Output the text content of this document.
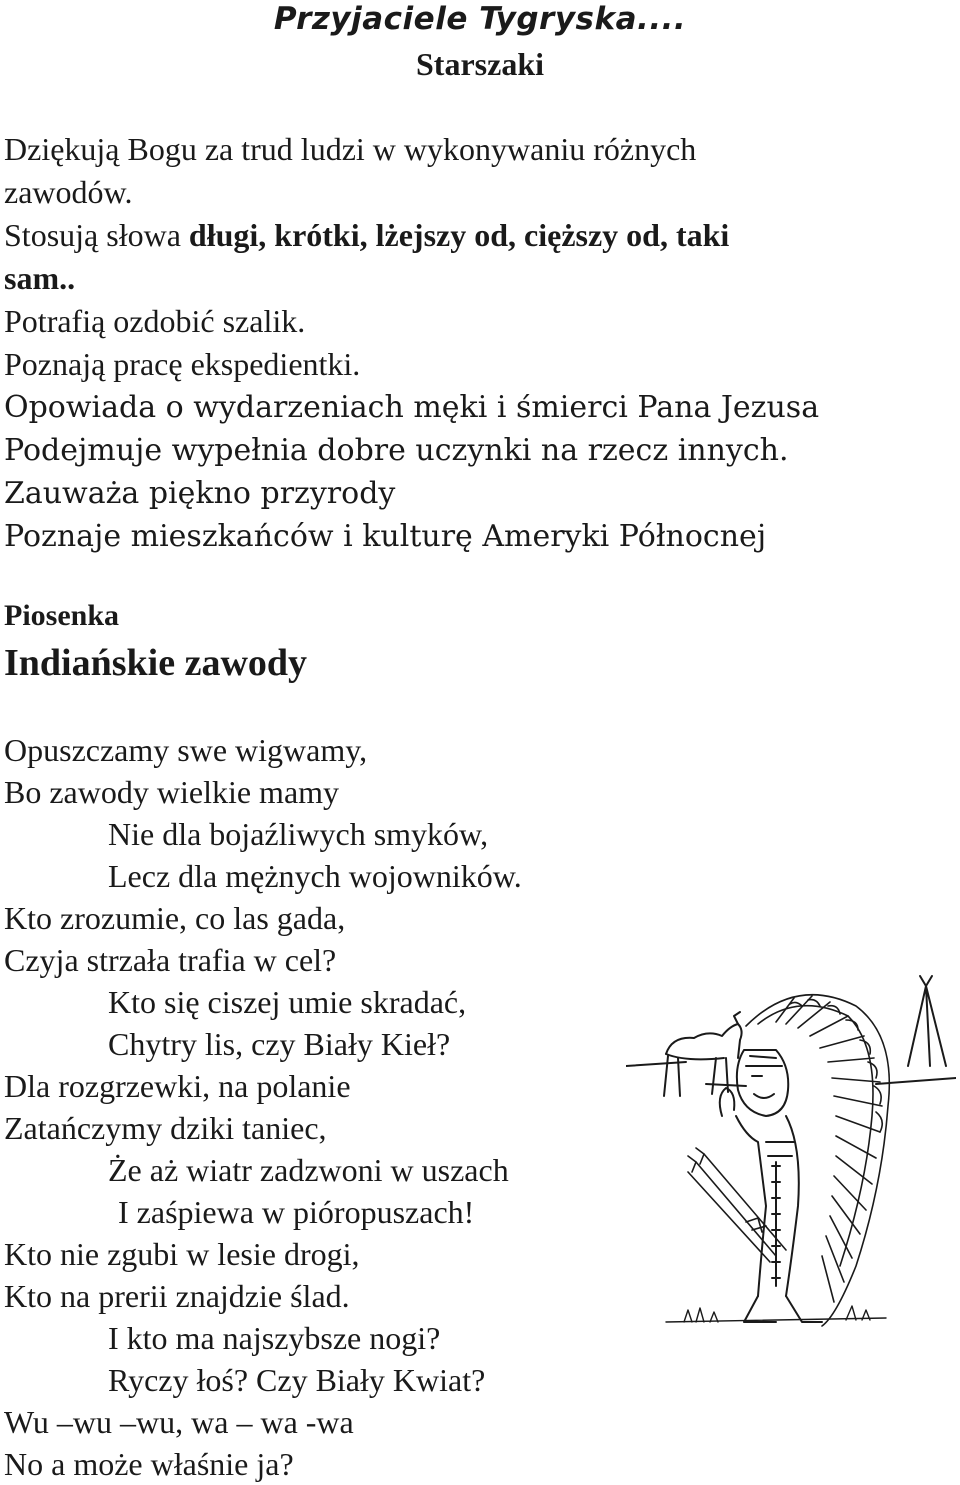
Przyjaciele Tygryska....
Starszaki
Dziękują Bogu za trud ludzi w wykonywaniu różnych
zawodów.
Stosują słowa długi, krótki, lżejszy od, cięższy od, taki
sam..
Potrafią ozdobić szalik.
Poznają pracę ekspedientki.
Opowiada o wydarzeniach męki i śmierci Pana Jezusa
Podejmuje wypełnia dobre uczynki na rzecz innych.
Zauważa piękno przyrody
Poznaje mieszkańców i kulturę Ameryki Północnej
Piosenka
Indiańskie zawody
Opuszczamy swe wigwamy,
Bo zawody wielkie mamy
Nie dla bojaźliwych smyków,
Lecz dla mężnych wojowników.
Kto zrozumie, co las gada,
Czyja strzała trafia w cel?
Kto się ciszej umie skradać,
Chytry lis, czy Biały Kieł?
Dla rozgrzewki, na polanie
Zatańczymy dziki taniec,
Że aż wiatr zadzwoni w uszach
I zaśpiewa w pióropuszach!
Kto nie zgubi w lesie drogi,
Kto na prerii znajdzie ślad.
I kto ma najszybsze nogi?
Ryczy łoś? Czy Biały Kwiat?
Wu –wu –wu, wa – wa -wa
No a może właśnie ja?
